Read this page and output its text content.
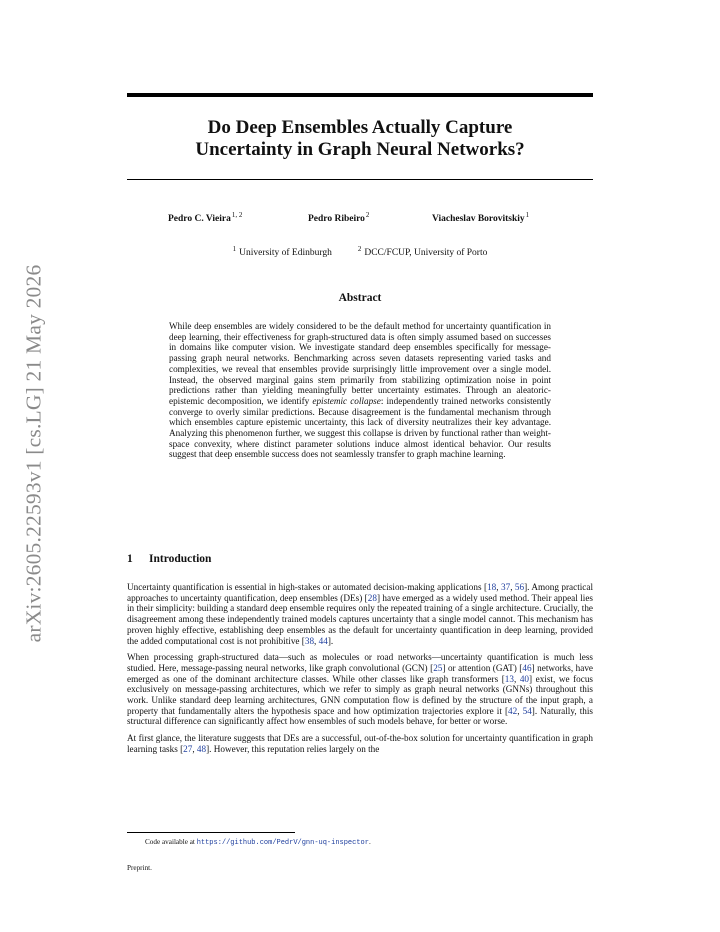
arXiv:2605.22593v1 [cs.LG] 21 May 2026
Do Deep Ensembles Actually Capture
Uncertainty in Graph Neural Networks?
Pedro C. Vieira$^{1, 2}$	Pedro Ribeiro$^2$	Viacheslav Borovitskiy$^1$
$^1$ University of Edinburgh	$^2$ DCC/FCUP, University of Porto
Abstract
While deep ensembles are widely considered to be the default method for uncertainty quantification in deep learning, their effectiveness for graph-structured data is often simply assumed based on successes in domains like computer vision. We investigate standard deep ensembles specifically for message-passing graph neural networks. Benchmarking across seven datasets representing varied tasks and complexities, we reveal that ensembles provide surprisingly little improvement over a single model. Instead, the observed marginal gains stem primarily from stabilizing optimization noise in point predictions rather than yielding meaningfully better uncertainty estimates. Through an aleatoric-epistemic decomposition, we identify epistemic collapse: independently trained networks consistently converge to overly similar predictions. Because disagreement is the fundamental mechanism through which ensembles capture epistemic uncertainty, this lack of diversity neutralizes their key advantage. Analyzing this phenomenon further, we suggest this collapse is driven by functional rather than weight-space convexity, where distinct parameter solutions induce almost identical behavior. Our results suggest that deep ensemble success does not seamlessly transfer to graph machine learning.
1 Introduction

Uncertainty quantification is essential in high-stakes or automated decision-making applications [18, 37, 56]. Among practical approaches to uncertainty quantification, deep ensembles (DEs) [28] have emerged as a widely used method. Their appeal lies in their simplicity: building a standard deep ensemble requires only the repeated training of a single architecture. Crucially, the disagreement among these independently trained models captures uncertainty that a single model cannot. This mechanism has proven highly effective, establishing deep ensembles as the default for uncertainty quantification in deep learning, provided the added computational cost is not prohibitive [38, 44].

When processing graph-structured data—such as molecules or road networks—uncertainty quantification is much less studied. Here, message-passing neural networks, like graph convolutional (GCN) [25] or attention (GAT) [46] networks, have emerged as one of the dominant architecture classes. While other classes like graph transformers [13, 40] exist, we focus exclusively on message-passing architectures, which we refer to simply as graph neural networks (GNNs) throughout this work. Unlike standard deep learning architectures, GNN computation flow is defined by the structure of the input graph, a property that fundamentally alters the hypothesis space and how optimization trajectories explore it [42, 54]. Naturally, this structural difference can significantly affect how ensembles of such models behave, for better or worse.

At first glance, the literature suggests that DEs are a successful, out-of-the-box solution for uncertainty quantification in graph learning tasks [27, 48]. However, this reputation relies largely on the

Code available at https://github.com/PedrV/gnn-uq-inspector.
Preprint.
